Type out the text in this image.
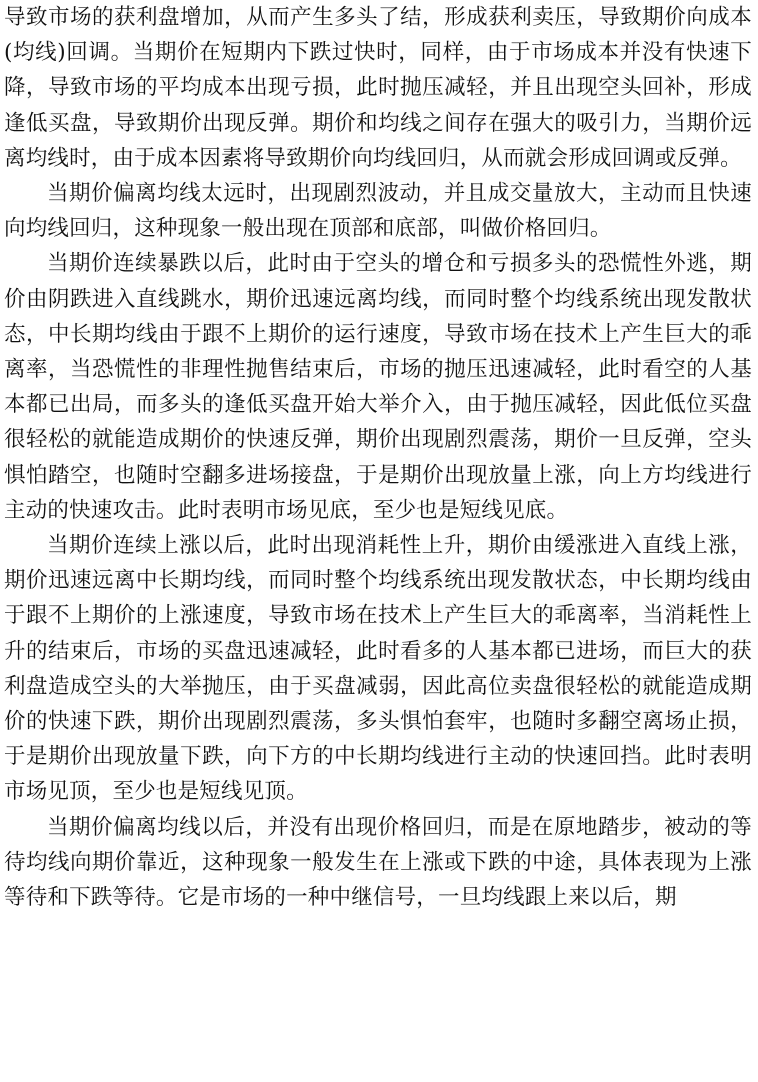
导致市场的获利盘增加，从而产生多头了结，形成获利卖压，导致期价向成本(均线)回调。当期价在短期内下跌过快时，同样，由于市场成本并没有快速下降，导致市场的平均成本出现亏损，此时抛压减轻，并且出现空头回补，形成逢低买盘，导致期价出现反弹。期价和均线之间存在强大的吸引力，当期价远离均线时，由于成本因素将导致期价向均线回归，从而就会形成回调或反弹。

当期价偏离均线太远时，出现剧烈波动，并且成交量放大，主动而且快速向均线回归，这种现象一般出现在顶部和底部，叫做价格回归。

当期价连续暴跌以后，此时由于空头的增仓和亏损多头的恐慌性外逃，期价由阴跌进入直线跳水，期价迅速远离均线，而同时整个均线系统出现发散状态，中长期均线由于跟不上期价的运行速度，导致市场在技术上产生巨大的乖离率，当恐慌性的非理性抛售结束后，市场的抛压迅速减轻，此时看空的人基本都已出局，而多头的逢低买盘开始大举介入，由于抛压减轻，因此低位买盘很轻松的就能造成期价的快速反弹，期价出现剧烈震荡，期价一旦反弹，空头惧怕踏空，也随时空翻多进场接盘，于是期价出现放量上涨，向上方均线进行主动的快速攻击。此时表明市场见底，至少也是短线见底。

当期价连续上涨以后，此时出现消耗性上升，期价由缓涨进入直线上涨，期价迅速远离中长期均线，而同时整个均线系统出现发散状态，中长期均线由于跟不上期价的上涨速度，导致市场在技术上产生巨大的乖离率，当消耗性上升的结束后，市场的买盘迅速减轻，此时看多的人基本都已进场，而巨大的获利盘造成空头的大举抛压，由于买盘减弱，因此高位卖盘很轻松的就能造成期价的快速下跌，期价出现剧烈震荡，多头惧怕套牢，也随时多翻空离场止损，于是期价出现放量下跌，向下方的中长期均线进行主动的快速回挡。此时表明市场见顶，至少也是短线见顶。

当期价偏离均线以后，并没有出现价格回归，而是在原地踏步，被动的等待均线向期价靠近，这种现象一般发生在上涨或下跌的中途，具体表现为上涨等待和下跌等待。它是市场的一种中继信号，一旦均线跟上来以后，期
